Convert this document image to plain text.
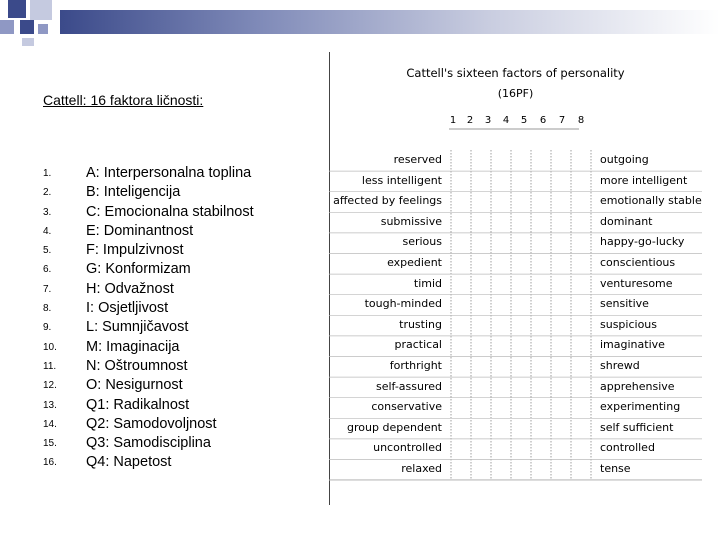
Cattell: 16 faktora ličnosti:
1.	A: Interpersonalna toplina
2.	B: Inteligencija
3.	C: Emocionalna stabilnost
4.	E: Dominantnost
5.	F: Impulzivnost
6.	G: Konformizam
7.	H: Odvažnost
8.	I: Osjetljivost
9.	L: Sumnjičavost
10.	M: Imaginacija
11.	N: Oštroumnost
12.	O: Nesigurnost
13.	Q1: Radikalnost
14.	Q2: Samodovoljnost
15.	Q3: Samodisciplina
16.	Q4: Napetost
Cattell's sixteen factors of personality
(16PF)
1	2	3	4	5	6	7	8
reserved	outgoing
less intelligent	more intelligent
affected by feelings	emotionally stable
submissive	dominant
serious	happy-go-lucky
expedient	conscientious
timid	venturesome
tough-minded	sensitive
trusting	suspicious
practical	imaginative
forthright	shrewd
self-assured	apprehensive
conservative	experimenting
group dependent	self sufficient
uncontrolled	controlled
relaxed	tense
